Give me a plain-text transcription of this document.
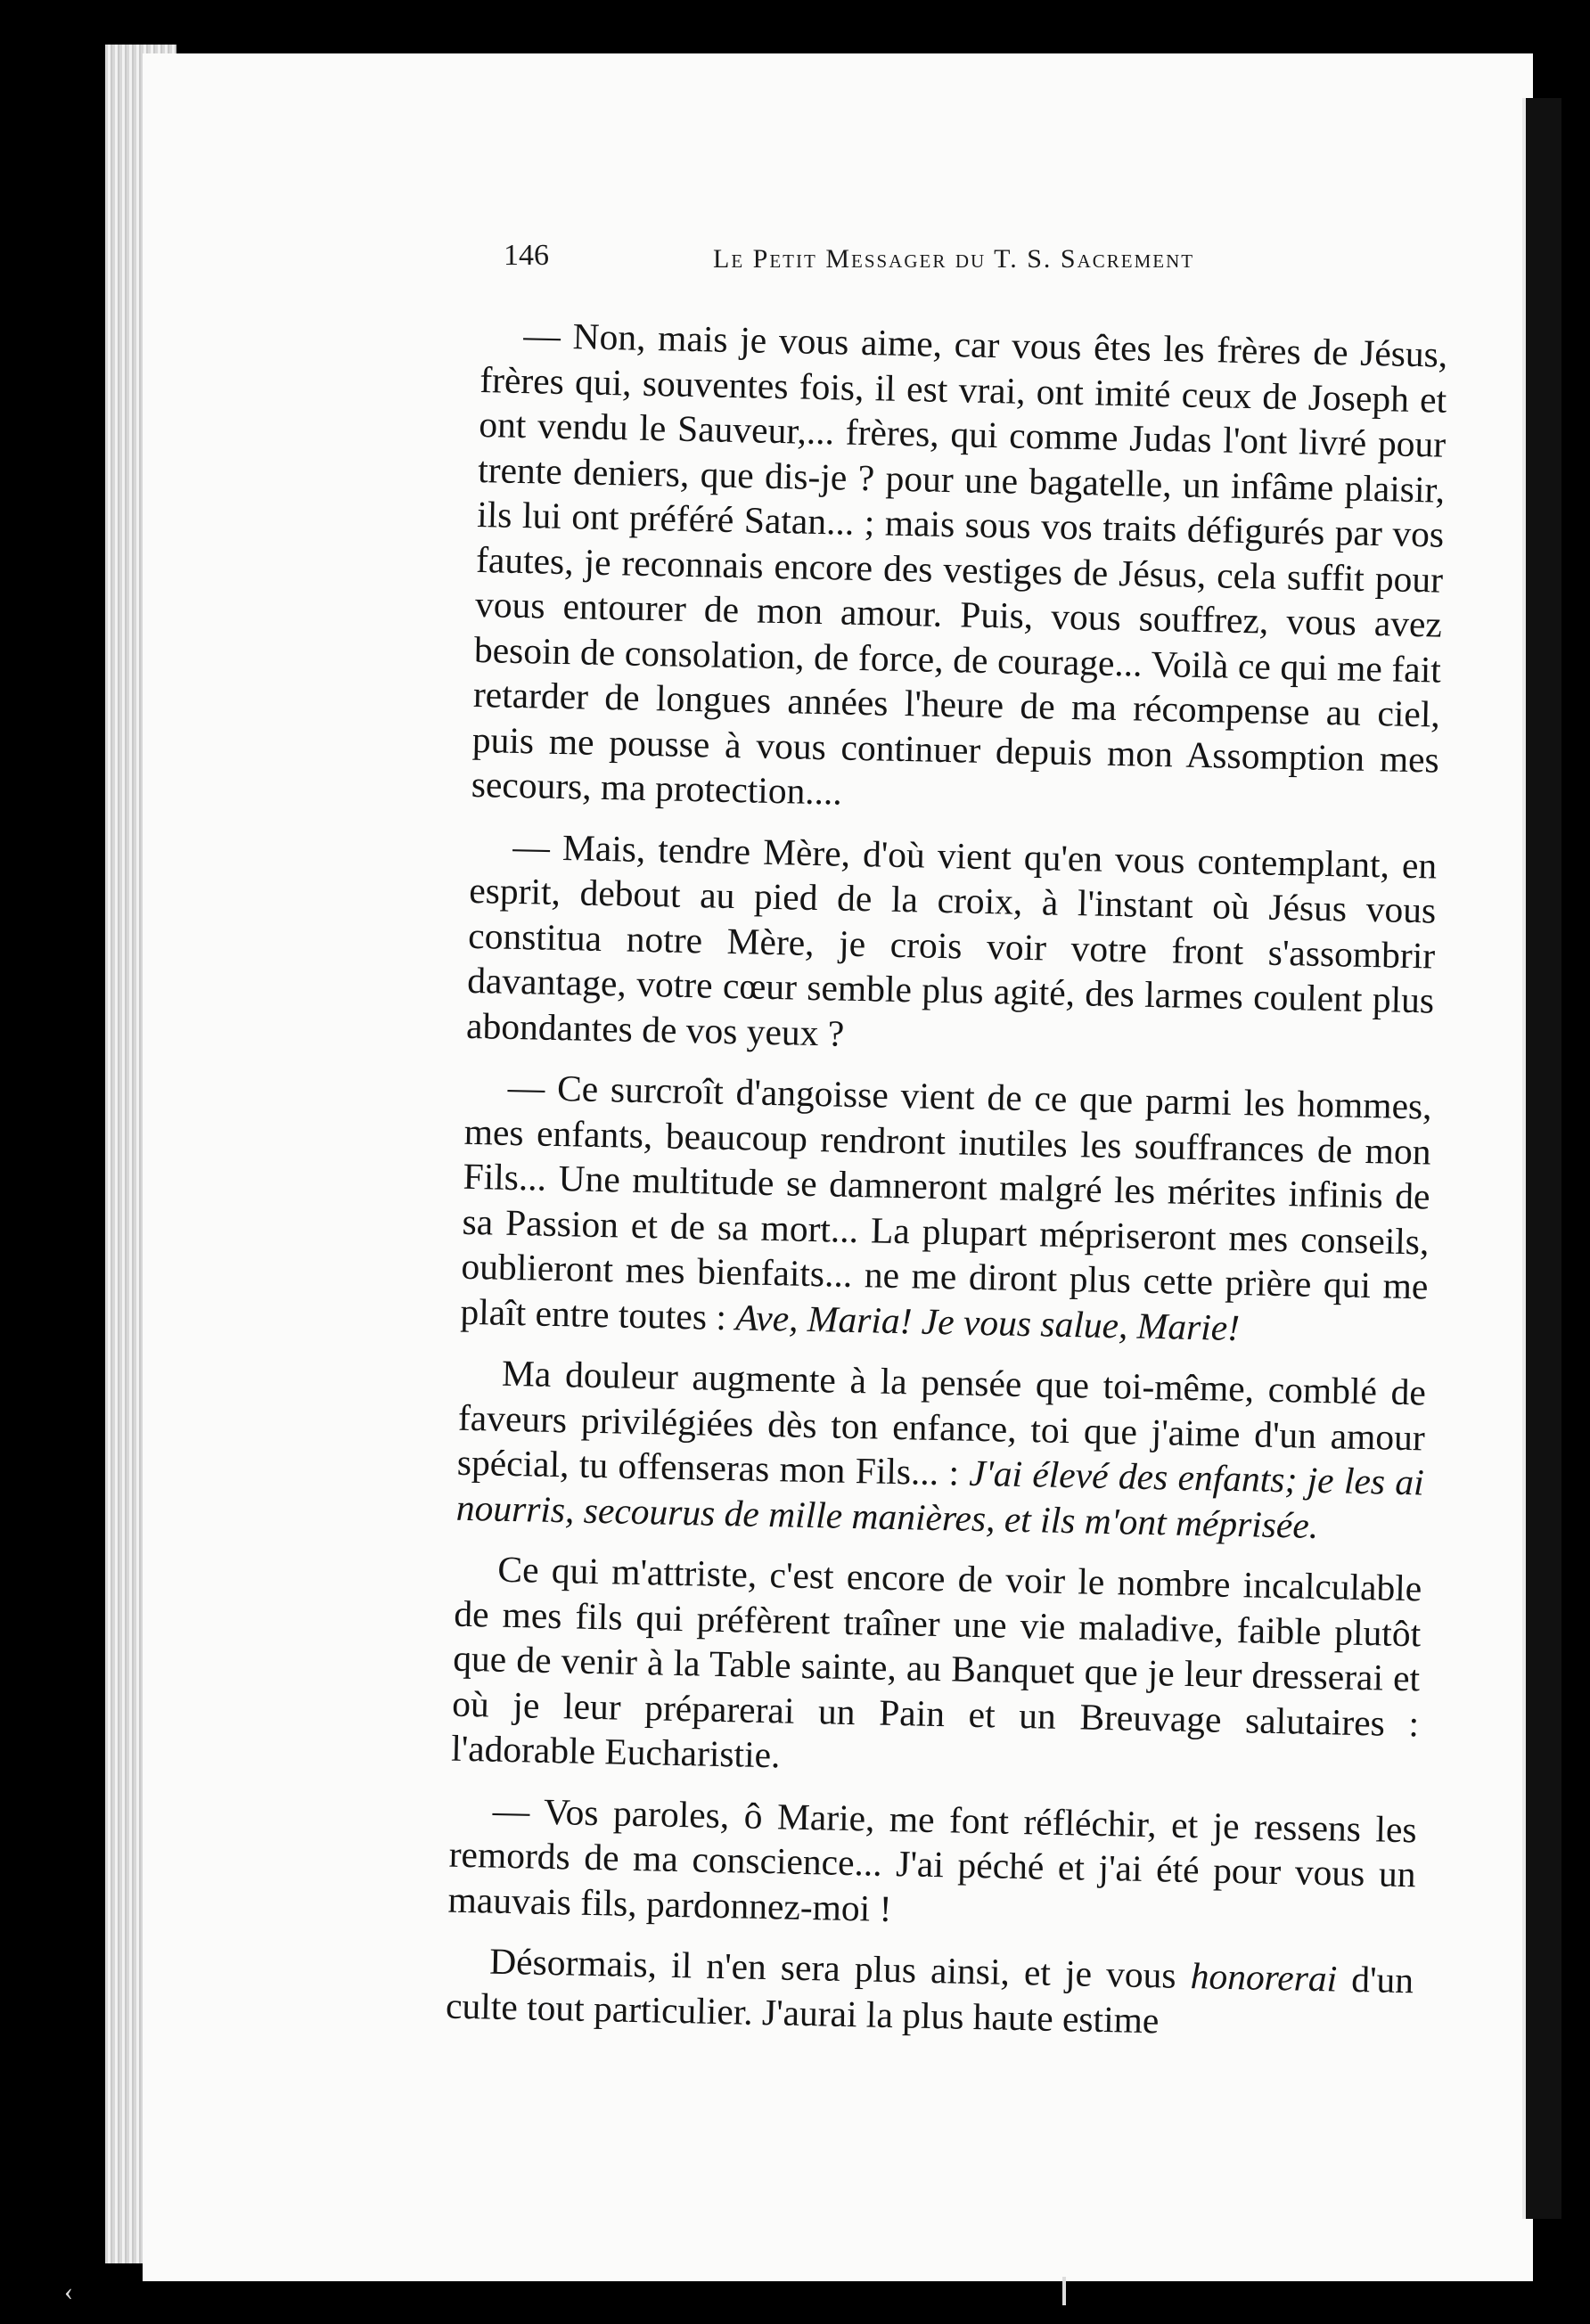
146	Le Petit Messager du T. S. Sacrement

— Non, mais je vous aime, car vous êtes les frères de Jésus, frères qui, souventes fois, il est vrai, ont imité ceux de Joseph et ont vendu le Sauveur,... frères, qui comme Judas l'ont livré pour trente deniers, que dis-je ? pour une bagatelle, un infâme plaisir, ils lui ont préféré Satan... ; mais sous vos traits défigurés par vos fautes, je reconnais encore des vestiges de Jésus, cela suffit pour vous entourer de mon amour. Puis, vous souffrez, vous avez besoin de consolation, de force, de courage... Voilà ce qui me fait retarder de longues années l'heure de ma récompense au ciel, puis me pousse à vous continuer depuis mon Assomption mes secours, ma protection....

— Mais, tendre Mère, d'où vient qu'en vous contemplant, en esprit, debout au pied de la croix, à l'instant où Jésus vous constitua notre Mère, je crois voir votre front s'assombrir davantage, votre cœur semble plus agité, des larmes coulent plus abondantes de vos yeux ?

— Ce surcroît d'angoisse vient de ce que parmi les hommes, mes enfants, beaucoup rendront inutiles les souffrances de mon Fils... Une multitude se damneront malgré les mérites infinis de sa Passion et de sa mort... La plupart mépriseront mes conseils, oublieront mes bienfaits... ne me diront plus cette prière qui me plaît entre toutes : Ave, Maria! Je vous salue, Marie!

Ma douleur augmente à la pensée que toi-même, comblé de faveurs privilégiées dès ton enfance, toi que j'aime d'un amour spécial, tu offenseras mon Fils... : J'ai élevé des enfants; je les ai nourris, secourus de mille manières, et ils m'ont méprisée.

Ce qui m'attriste, c'est encore de voir le nombre incalculable de mes fils qui préfèrent traîner une vie maladive, faible plutôt que de venir à la Table sainte, au Banquet que je leur dresserai et où je leur préparerai un Pain et un Breuvage salutaires : l'adorable Eucharistie.

— Vos paroles, ô Marie, me font réfléchir, et je ressens les remords de ma conscience... J'ai péché et j'ai été pour vous un mauvais fils, pardonnez-moi !

Désormais, il n'en sera plus ainsi, et je vous honorerai d'un culte tout particulier. J'aurai la plus haute estime

‹
